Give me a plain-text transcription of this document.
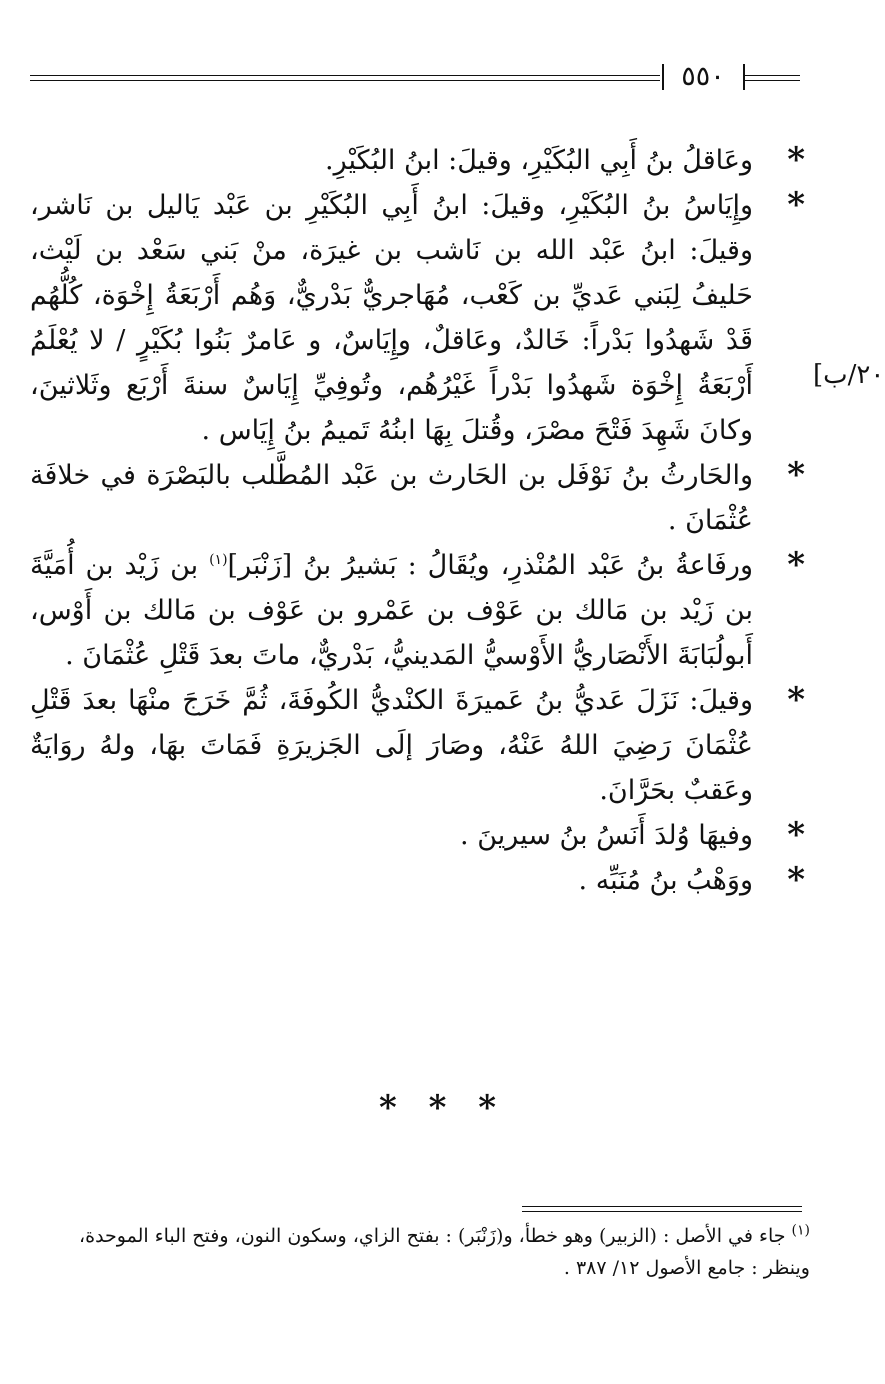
٥٥٠
٢٠/ب]

*
وعَاقلُ بنُ أَبِي البُكَيْرِ، وقيلَ: ابنُ البُكَيْرِ.

*
وإِيَاسُ بنُ البُكَيْرِ، وقيلَ: ابنُ أَبِي البُكَيْرِ بن عَبْد يَاليل بن نَاشر، وقيلَ: ابنُ عَبْد الله بن نَاشب بن غيرَة، منْ بَني سَعْد بن لَيْث، حَليفُ لِبَني عَديِّ بن كَعْب، مُهَاجريٌّ بَدْريٌّ، وَهُم أَرْبَعَةُ إِخْوَة، كُلُّهُم قَدْ شَهدُوا بَدْراً: خَالدٌ، وعَاقلٌ، وإِيَاسٌ، و عَامرٌ بَنُوا بُكَيْرٍ / لا يُعْلَمُ أَرْبَعَةُ إِخْوَة شَهدُوا بَدْراً غَيْرُهُم، وتُوفِيِّ إِيَاسٌ سنةَ أَرْبَع وثَلاثينَ، وكانَ شَهِدَ فَتْحَ مصْرَ، وقُتلَ بِهَا ابنُهُ تَميمُ بنُ إِيَاس .

*
والحَارثُ بنُ نَوْفَل بن الحَارث بن عَبْد المُطَّلب بالبَصْرَة في خلافَة عُثْمَانَ .

*
ورفَاعةُ بنُ عَبْد المُنْذرِ، ويُقَالُ : بَشيرُ بنُ [زَنْبَر]$^{(١)}$ بن زَيْد بن أُمَيَّةَ بن زَيْد بن مَالك بن عَوْف بن عَمْرو بن عَوْف بن مَالك بن أَوْس، أَبولُبَابَةَ الأَنْصَاريُّ الأَوْسيُّ المَدينيُّ، بَدْريٌّ، ماتَ بعدَ قَتْلِ عُثْمَانَ .

*
وقيلَ: نَزَلَ عَديُّ بنُ عَميرَةَ الكنْديُّ الكُوفَةَ، ثُمَّ خَرَجَ منْهَا بعدَ قَتْلِ عُثْمَانَ رَضِيَ اللهُ عَنْهُ، وصَارَ إلَى الجَزيرَةِ فَمَاتَ بهَا، ولهُ روَايَةٌ وعَقبٌ بحَرَّانَ.

*
وفيهَا وُلدَ أَنَسُ بنُ سيرينَ .

*
ووَهْبُ بنُ مُنَبِّه .

* * *
$^{(١)}$ جاء في الأصل : (الزبير) وهو خطأ، و(زَنْبَر) : بفتح الزاي، وسكون النون، وفتح الباء الموحدة، وينظر : جامع الأصول ١٢/ ٣٨٧ .
